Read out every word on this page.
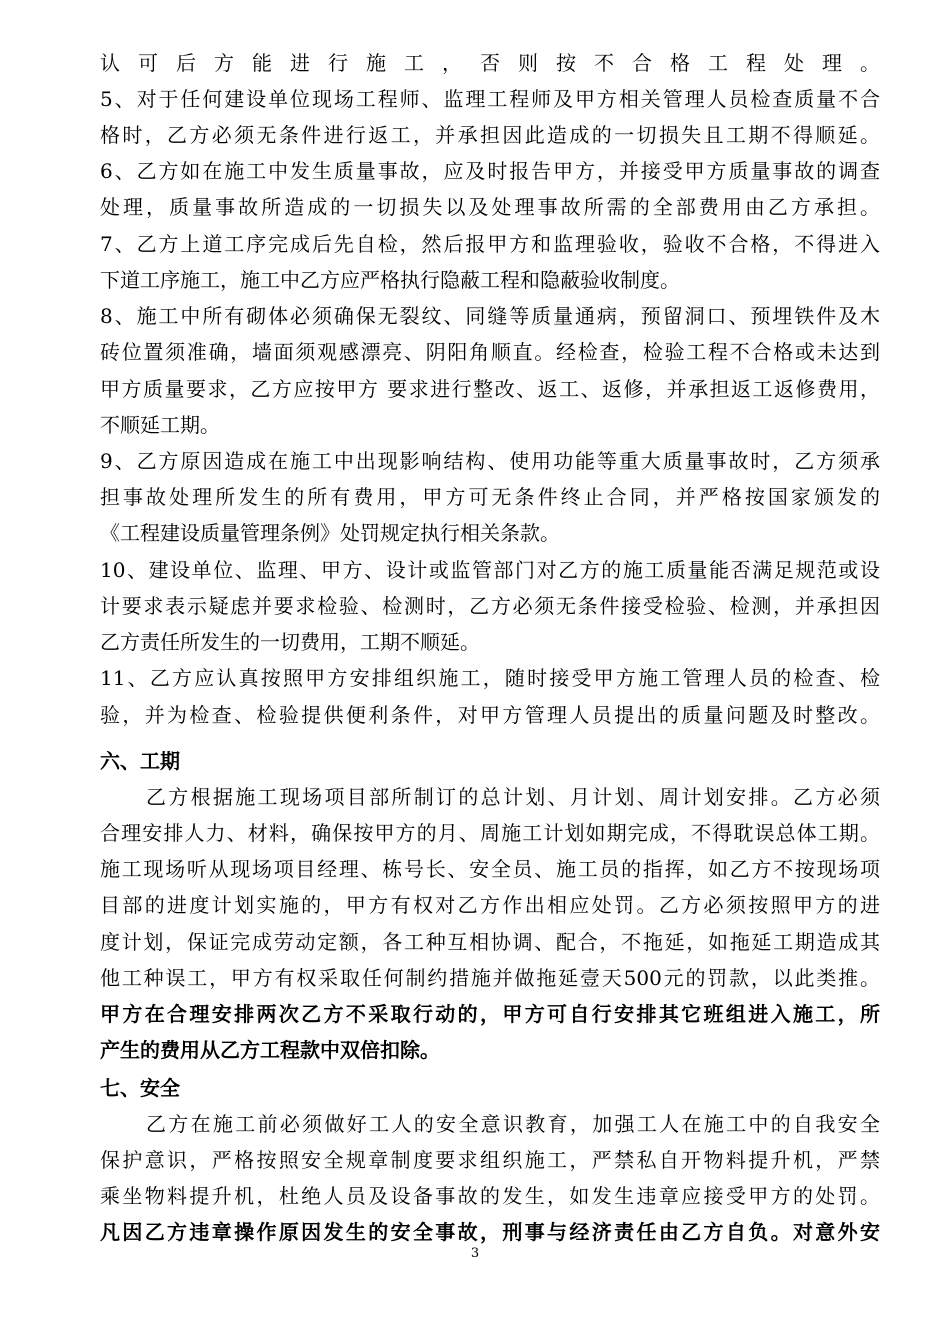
认可后方能进行施工，否则按不合格工程处理。
5、对于任何建设单位现场工程师、监理工程师及甲方相关管理人员检查质量不合
格时，乙方必须无条件进行返工，并承担因此造成的一切损失且工期不得顺延。
6、乙方如在施工中发生质量事故，应及时报告甲方，并接受甲方质量事故的调查
处理，质量事故所造成的一切损失以及处理事故所需的全部费用由乙方承担。
7、乙方上道工序完成后先自检，然后报甲方和监理验收，验收不合格，不得进入
下道工序施工，施工中乙方应严格执行隐蔽工程和隐蔽验收制度。
8、施工中所有砌体必须确保无裂纹、同缝等质量通病，预留洞口、预埋铁件及木
砖位置须准确，墙面须观感漂亮、阴阳角顺直。经检查，检验工程不合格或未达到
甲方质量要求，乙方应按甲方 要求进行整改、返工、返修，并承担返工返修费用，
不顺延工期。
9、乙方原因造成在施工中出现影响结构、使用功能等重大质量事故时，乙方须承
担事故处理所发生的所有费用，甲方可无条件终止合同，并严格按国家颁发的
《工程建设质量管理条例》处罚规定执行相关条款。
10、建设单位、监理、甲方、设计或监管部门对乙方的施工质量能否满足规范或设
计要求表示疑虑并要求检验、检测时，乙方必须无条件接受检验、检测，并承担因
乙方责任所发生的一切费用，工期不顺延。
11、乙方应认真按照甲方安排组织施工，随时接受甲方施工管理人员的检查、检
验，并为检查、检验提供便利条件，对甲方管理人员提出的质量问题及时整改。
六、工期
乙方根据施工现场项目部所制订的总计划、月计划、周计划安排。乙方必须
合理安排人力、材料，确保按甲方的月、周施工计划如期完成，不得耽误总体工期。
施工现场听从现场项目经理、栋号长、安全员、施工员的指挥，如乙方不按现场项
目部的进度计划实施的，甲方有权对乙方作出相应处罚。乙方必须按照甲方的进
度计划，保证完成劳动定额，各工种互相协调、配合，不拖延，如拖延工期造成其
他工种误工，甲方有权采取任何制约措施并做拖延壹天500元的罚款，以此类推。
甲方在合理安排两次乙方不采取行动的，甲方可自行安排其它班组进入施工，所
产生的费用从乙方工程款中双倍扣除。
七、安全
乙方在施工前必须做好工人的安全意识教育，加强工人在施工中的自我安全
保护意识，严格按照安全规章制度要求组织施工，严禁私自开物料提升机，严禁
乘坐物料提升机，杜绝人员及设备事故的发生，如发生违章应接受甲方的处罚。
凡因乙方违章操作原因发生的安全事故，刑事与经济责任由乙方自负。对意外安
3
